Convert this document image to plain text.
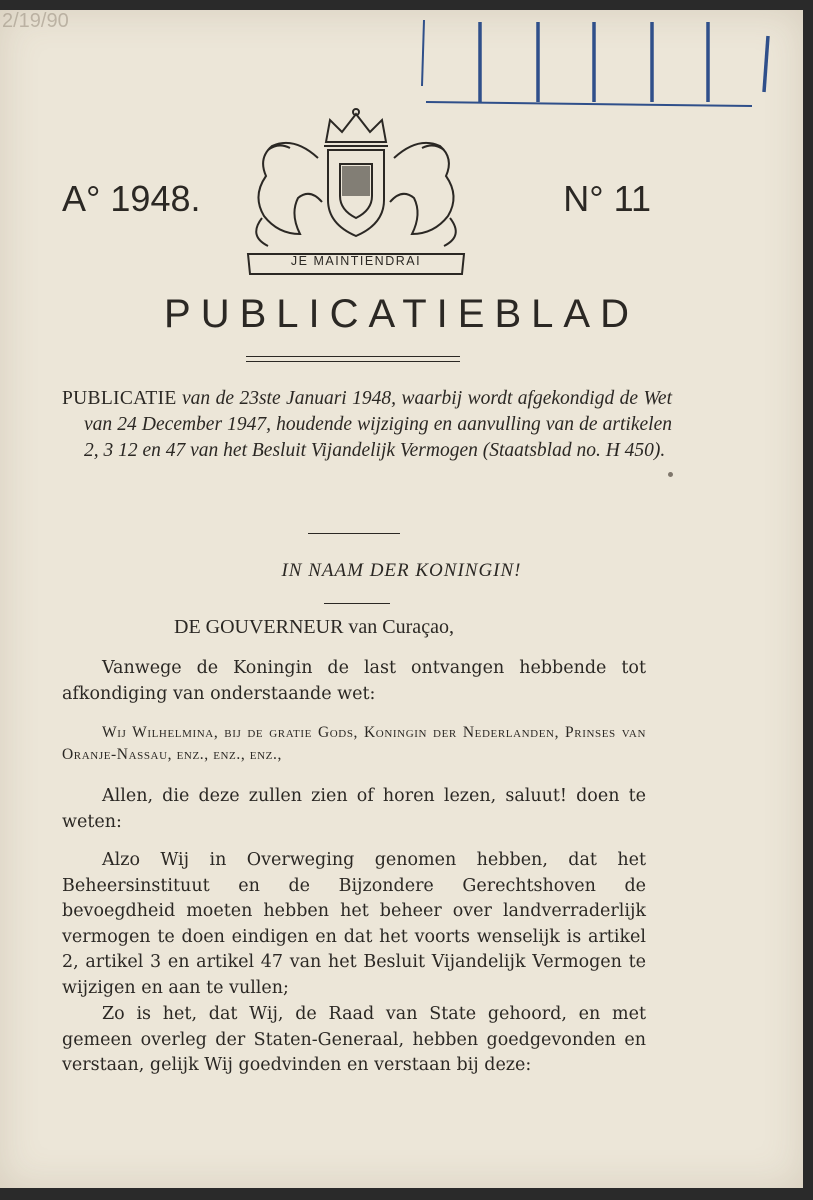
2/19/90
A° 1948.	N° 11
JE MAINTIENDRAI
PUBLICATIEBLAD

PUBLICATIE van de 23ste Januari 1948, waarbij wordt afgekondigd de Wet van 24 December 1947, houdende wijziging en aanvulling van de artikelen 2, 3 12 en 47 van het Besluit Vijandelijk Vermogen (Staatsblad no. H 450).

IN NAAM DER KONINGIN!
DE GOUVERNEUR van Curaçao,

Vanwege de Koningin de last ontvangen hebbende tot afkondiging van onderstaande wet:

Wij Wilhelmina, bij de gratie Gods, Koningin der Nederlanden, Prinses van Oranje-Nassau, enz., enz., enz.,

Allen, die deze zullen zien of horen lezen, saluut! doen te weten:

Alzo Wij in Overweging genomen hebben, dat het Beheersinstituut en de Bijzondere Gerechtshoven de bevoegdheid moeten hebben het beheer over landverraderlijk vermogen te doen eindigen en dat het voorts wenselijk is artikel 2, artikel 3 en artikel 47 van het Besluit Vijandelijk Vermogen te wijzigen en aan te vullen;

Zo is het, dat Wij, de Raad van State gehoord, en met gemeen overleg der Staten-Generaal, hebben goedgevonden en verstaan, gelijk Wij goedvinden en verstaan bij deze:
